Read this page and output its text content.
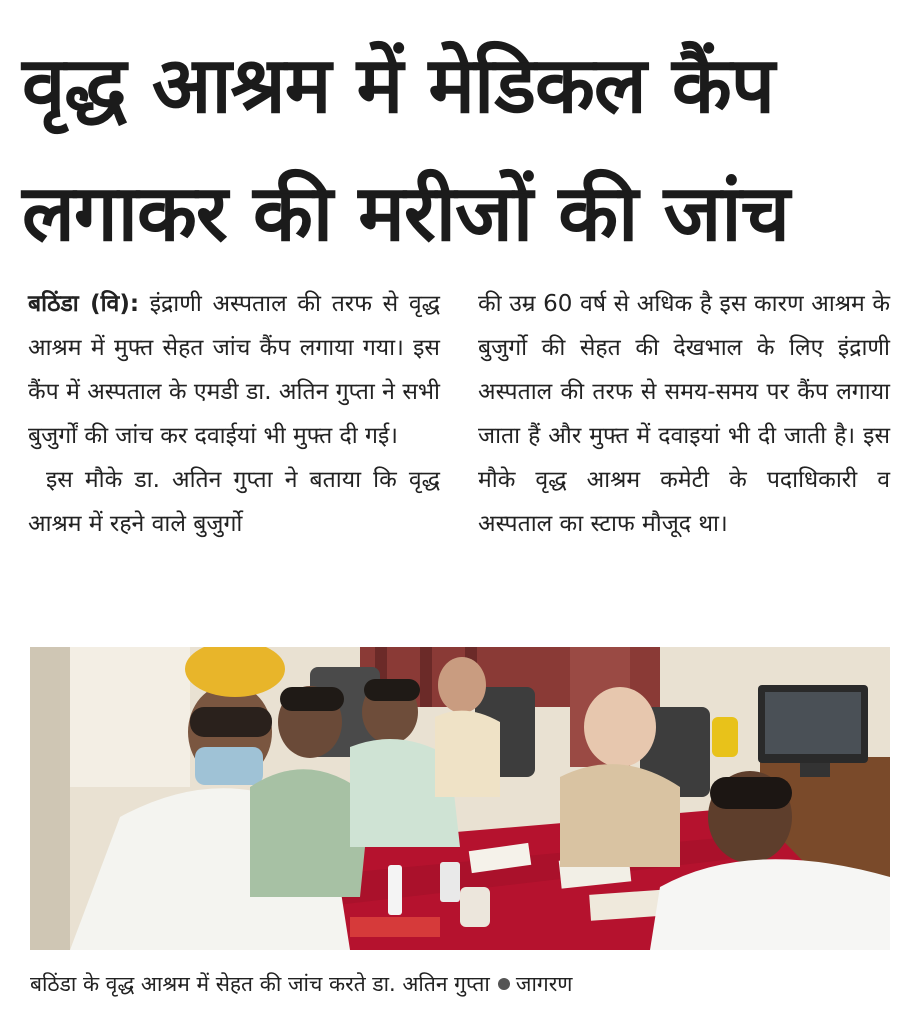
वृद्ध आश्रम में मेडिकल कैंप
लगाकर की मरीजों की जांच

बठिंडा (वि): इंद्राणी अस्पताल की तरफ से वृद्ध आश्रम में मुफ्त सेहत जांच कैंप लगाया गया। इस कैंप में अस्पताल के एमडी डा. अतिन गुप्ता ने सभी बुजुर्गों की जांच कर दवाईयां भी मुफ्त दी गई।

इस मौके डा. अतिन गुप्ता ने बताया कि वृद्ध आश्रम में रहने वाले बुजुर्गो

की उम्र 60 वर्ष से अधिक है इस कारण आश्रम के बुजुर्गो की सेहत की देखभाल के लिए इंद्राणी अस्पताल की तरफ से समय-समय पर कैंप लगाया जाता हैं और मुफ्त में दवाइयां भी दी जाती है। इस मौके वृद्ध आश्रम कमेटी के पदाधिकारी व अस्पताल का स्टाफ मौजूद था।

बठिंडा के वृद्ध आश्रम में सेहत की जांच करते डा. अतिन गुप्ता जागरण
